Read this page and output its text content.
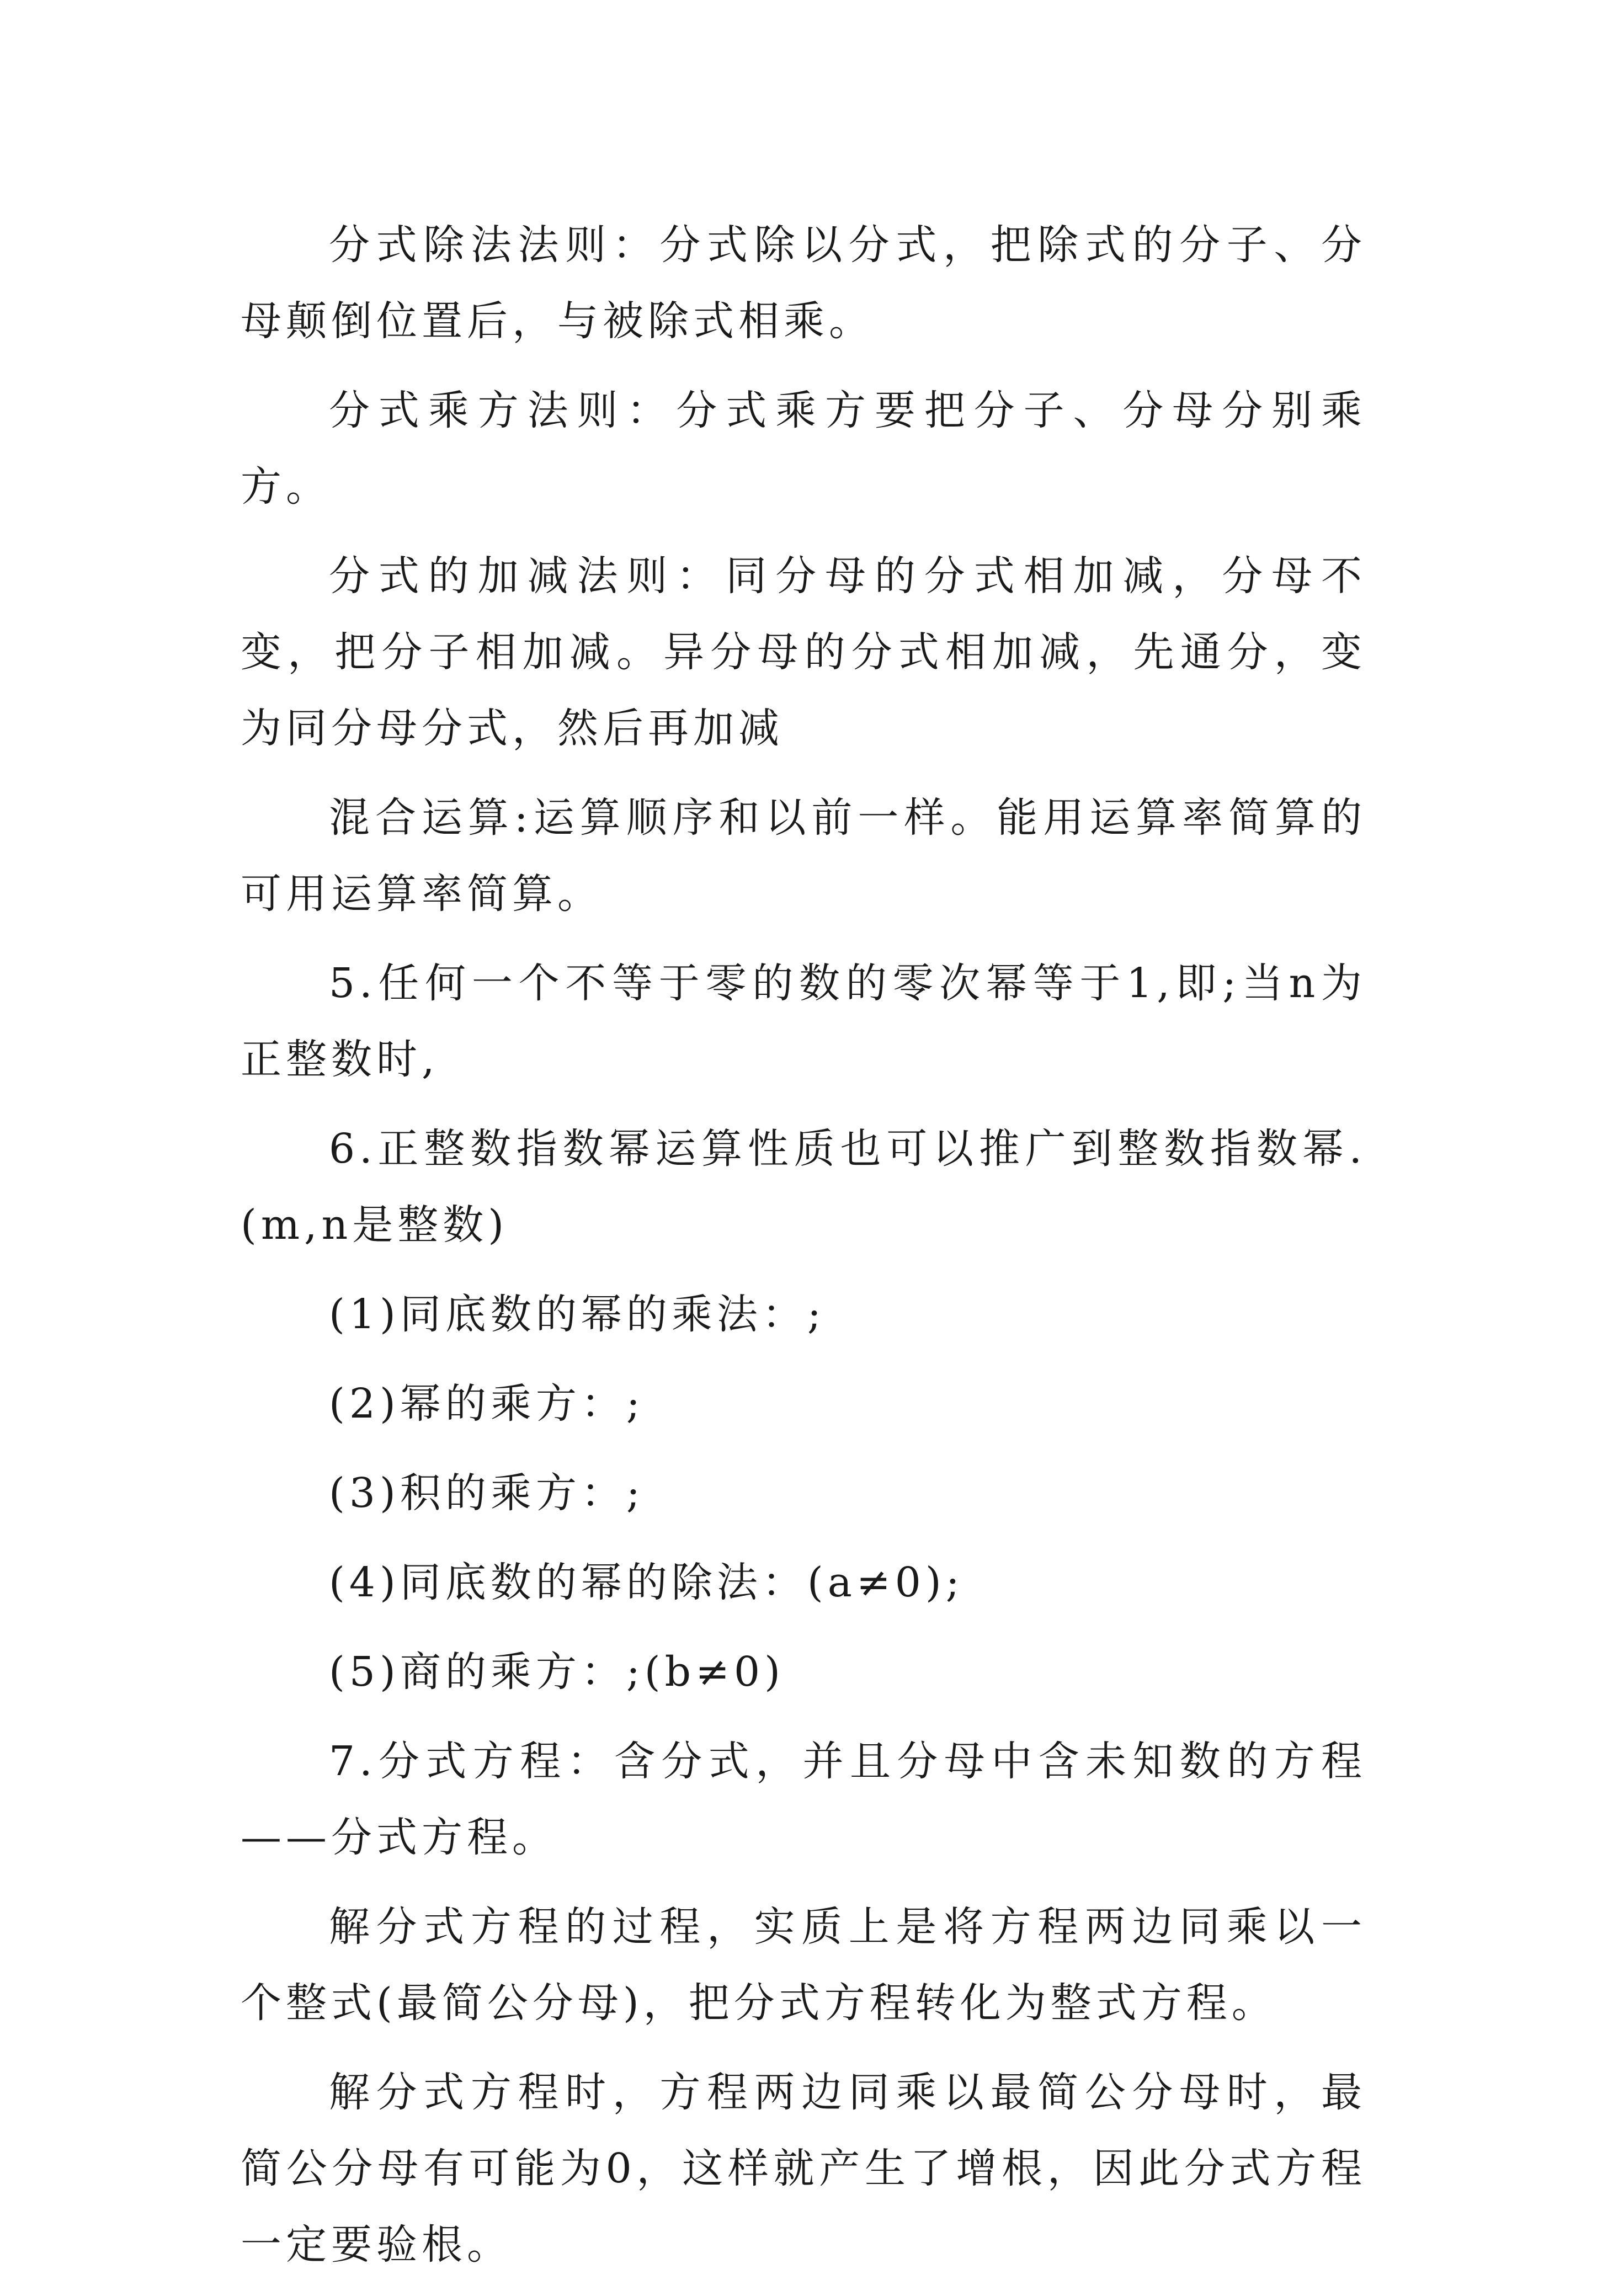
分式除法法则：分式除以分式，把除式的分子、分母颠倒位置后，与被除式相乘。

分式乘方法则：分式乘方要把分子、分母分别乘方。

分式的加减法则：同分母的分式相加减，分母不变，把分子相加减。异分母的分式相加减，先通分，变为同分母分式，然后再加减

混合运算:运算顺序和以前一样。能用运算率简算的可用运算率简算。

5.任何一个不等于零的数的零次幂等于1,即;当n为正整数时,

6.正整数指数幂运算性质也可以推广到整数指数幂.(m,n是整数)

(1)同底数的幂的乘法：;

(2)幂的乘方：;

(3)积的乘方：;

(4)同底数的幂的除法：(a≠0);

(5)商的乘方：;(b≠0)

7.分式方程：含分式，并且分母中含未知数的方程——分式方程。

解分式方程的过程，实质上是将方程两边同乘以一个整式(最简公分母)，把分式方程转化为整式方程。

解分式方程时，方程两边同乘以最简公分母时，最简公分母有可能为0，这样就产生了增根，因此分式方程一定要验根。
